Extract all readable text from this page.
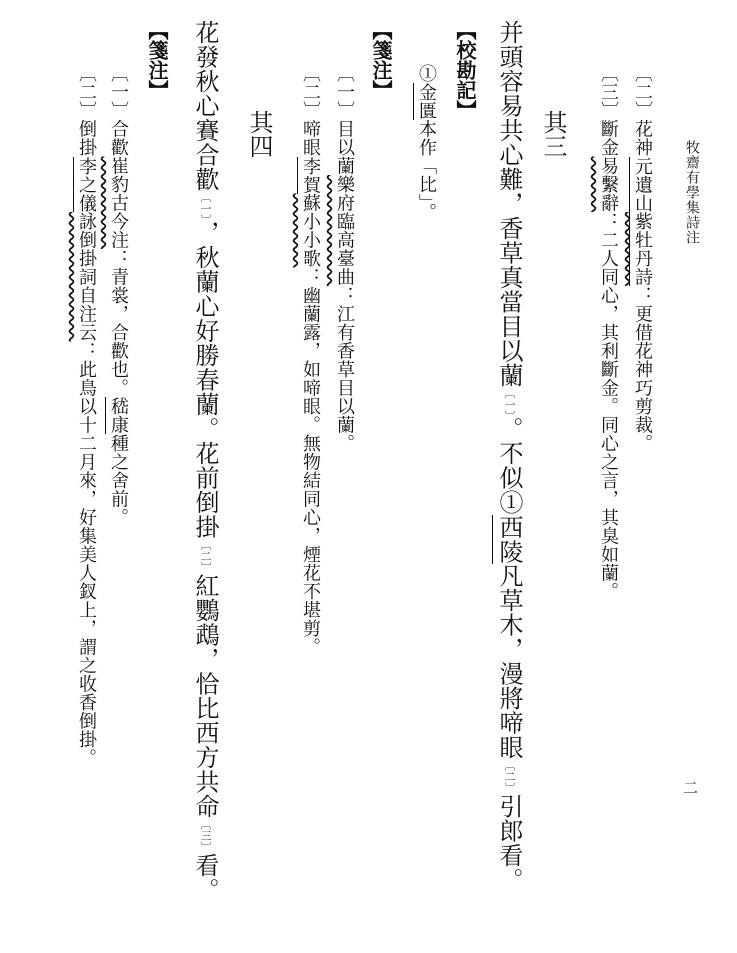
牧齋有學集詩注
二
〔二〕花神元遺山紫牡丹詩：更借花神巧剪裁。
〔三〕斷金易繫辭：二人同心，其利斷金。同心之言，其臭如蘭。
其三
并頭容易共心難，香草真當目以蘭〔一〕。不似①西陵凡草木，漫將啼眼〔二〕引郎看。
【校勘記】
①金匱本作「比」。
【箋注】
〔一〕目以蘭樂府臨高臺曲：江有香草目以蘭。
〔二〕啼眼李賀蘇小小歌：幽蘭露，如啼眼。無物結同心，煙花不堪剪。
其四
花發秋心賽合歡〔一〕，秋蘭心好勝春蘭。花前倒掛〔二〕紅鸚鵡，恰比西方共命〔三〕看。
【箋注】
〔一〕合歡崔豹古今注：青裳，合歡也。嵇康種之舍前。
〔二〕倒掛李之儀詠倒掛詞自注云：此鳥以十二月來，好集美人釵上，謂之收香倒掛。
